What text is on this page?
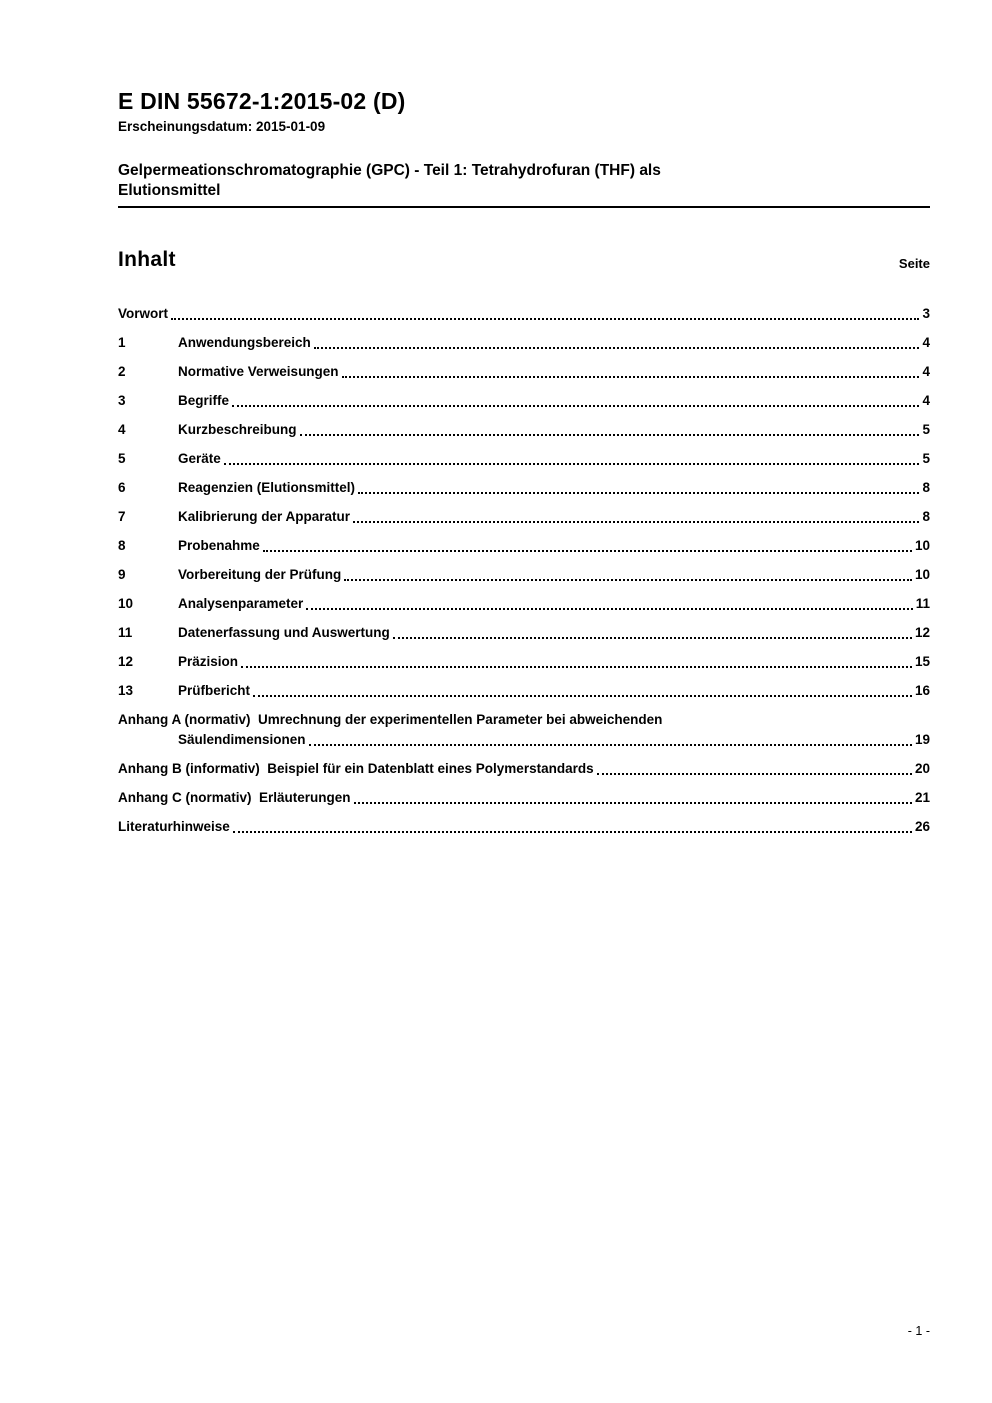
E DIN 55672-1:2015-02 (D)
Erscheinungsdatum: 2015-01-09
Gelpermeationschromatographie (GPC) - Teil 1: Tetrahydrofuran (THF) als
Elutionsmittel
Inhalt	Seite
Vorwort	3
1	Anwendungsbereich	4
2	Normative Verweisungen	4
3	Begriffe	4
4	Kurzbeschreibung	5
5	Geräte	5
6	Reagenzien (Elutionsmittel)	8
7	Kalibrierung der Apparatur	8
8	Probenahme	10
9	Vorbereitung der Prüfung	10
10	Analysenparameter	11
11	Datenerfassung und Auswertung	12
12	Präzision	15
13	Prüfbericht	16
Anhang A (normativ)  Umrechnung der experimentellen Parameter bei abweichenden
Säulendimensionen	19
Anhang B (informativ)  Beispiel für ein Datenblatt eines Polymerstandards	20
Anhang C (normativ)  Erläuterungen	21
Literaturhinweise	26
- 1 -
